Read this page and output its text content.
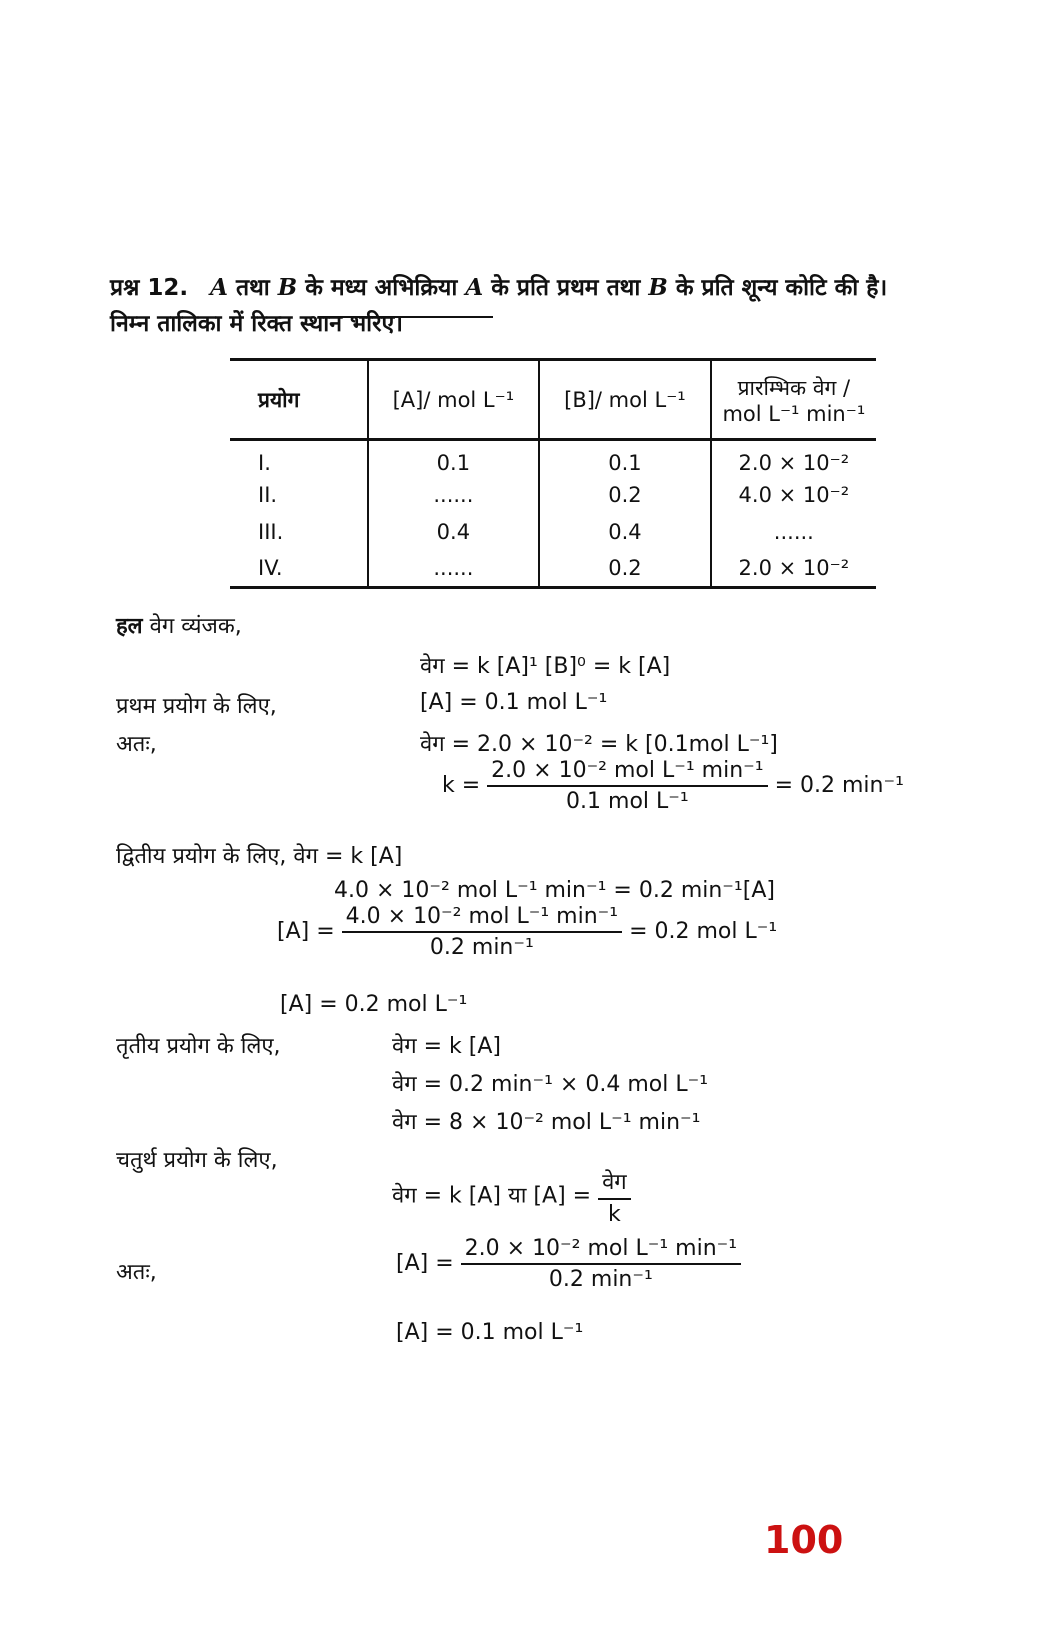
प्रश्न 12. A तथा B के मध्य अभिक्रिया A के प्रति प्रथम तथा B के प्रति शून्य कोटि की है।
निम्न तालिका में रिक्त स्थान भरिए।
प्रयोग	[A]/ mol L⁻¹	[B]/ mol L⁻¹	प्रारम्भिक वेग /
mol L⁻¹ min⁻¹

I.	0.1	0.1	2.0 × 10⁻²
II.	......	0.2	4.0 × 10⁻²
III.	0.4	0.4	......
IV.	......	0.2	2.0 × 10⁻²
हल वेग व्यंजक,
वेग = k [A]¹ [B]⁰ = k [A]
प्रथम प्रयोग के लिए,	[A] = 0.1 mol L⁻¹
अतः,	वेग = 2.0 × 10⁻² = k [0.1mol L⁻¹]
$k = \frac{\text{2.0 × 10⁻² mol L⁻¹ min⁻¹}}{\text{0.1 mol L⁻¹}} = 0.2$ min⁻¹
द्वितीय प्रयोग के लिए, वेग = k [A]
4.0 × 10⁻² mol L⁻¹ min⁻¹ = 0.2 min⁻¹[A]
$[A] = \frac{\text{4.0 × 10⁻² mol L⁻¹ min⁻¹}}{\text{0.2 min⁻¹}} = 0.2$ mol L⁻¹
[A] = 0.2 mol L⁻¹
तृतीय प्रयोग के लिए,	वेग = k [A]
वेग = 0.2 min⁻¹ × 0.4 mol L⁻¹
वेग = 8 × 10⁻² mol L⁻¹ min⁻¹
चतुर्थ प्रयोग के लिए,
वेग = k [A] या $[A] = \frac{\text{वेग}}{k}$
अतः,	$[A] = \frac{\text{2.0 × 10⁻² mol L⁻¹ min⁻¹}}{\text{0.2 min⁻¹}}$
[A] = 0.1 mol L⁻¹
100
